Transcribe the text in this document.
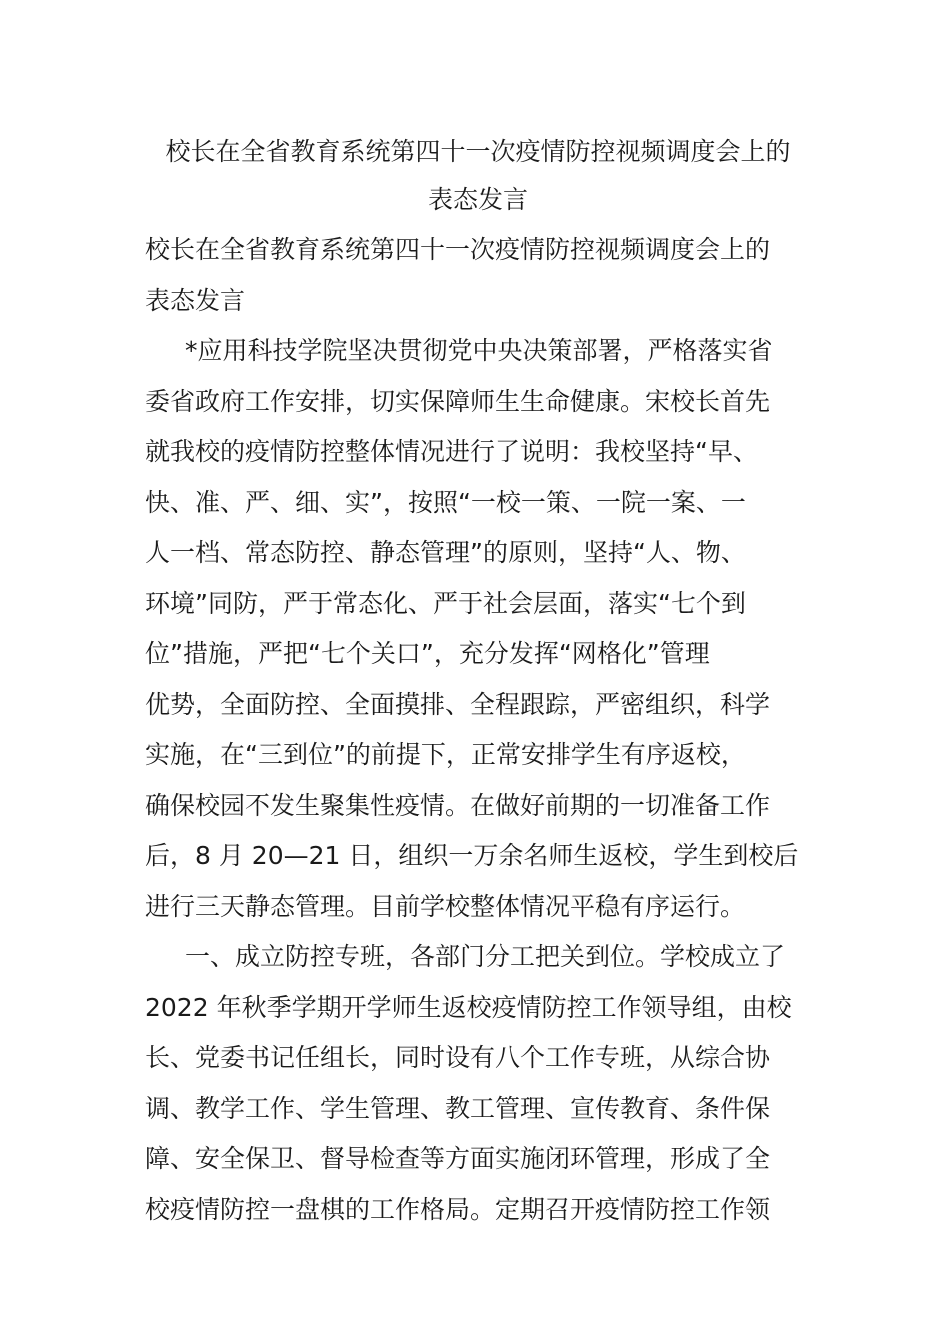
校长在全省教育系统第四十一次疫情防控视频调度会上的
表态发言
校长在全省教育系统第四十一次疫情防控视频调度会上的
表态发言
*应用科技学院坚决贯彻党中央决策部署，严格落实省
委省政府工作安排，切实保障师生生命健康。宋校长首先
就我校的疫情防控整体情况进行了说明：我校坚持“早、
快、准、严、细、实”，按照“一校一策、一院一案、一
人一档、常态防控、静态管理”的原则，坚持“人、物、
环境”同防，严于常态化、严于社会层面，落实“七个到
位”措施，严把“七个关口”，充分发挥“网格化”管理
优势，全面防控、全面摸排、全程跟踪，严密组织，科学
实施，在“三到位”的前提下，正常安排学生有序返校，
确保校园不发生聚集性疫情。在做好前期的一切准备工作
后，8 月 20—21 日，组织一万余名师生返校，学生到校后
进行三天静态管理。目前学校整体情况平稳有序运行。
一、成立防控专班，各部门分工把关到位。学校成立了
2022 年秋季学期开学师生返校疫情防控工作领导组，由校
长、党委书记任组长，同时设有八个工作专班，从综合协
调、教学工作、学生管理、教工管理、宣传教育、条件保
障、安全保卫、督导检查等方面实施闭环管理，形成了全
校疫情防控一盘棋的工作格局。定期召开疫情防控工作领
